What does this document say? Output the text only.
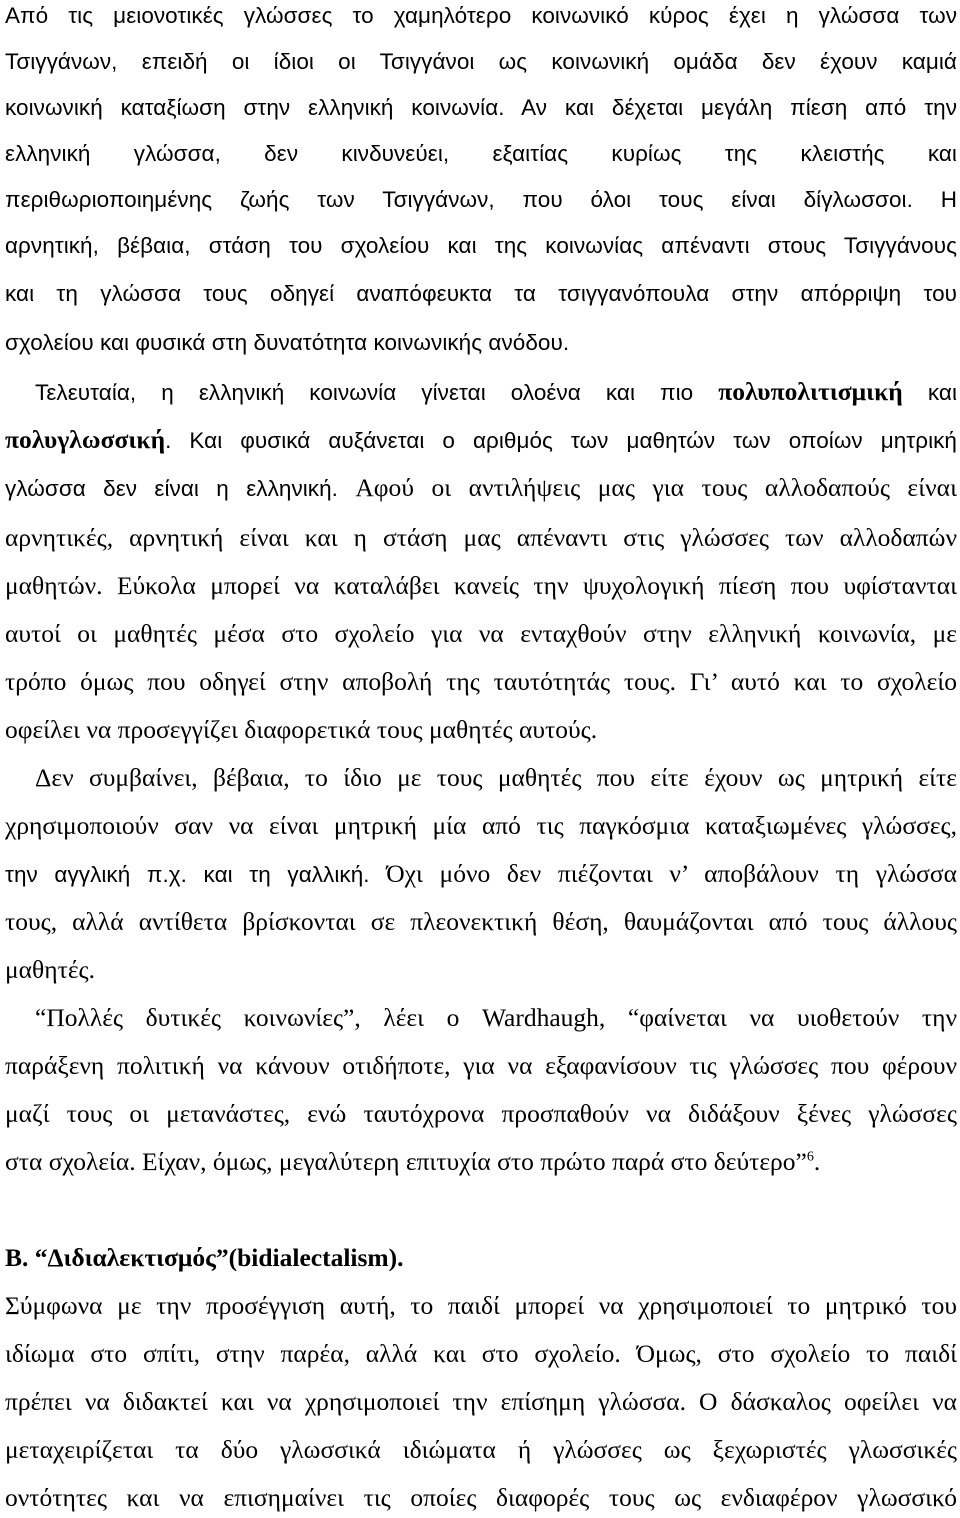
Από τις μειονοτικές γλώσσες το χαμηλότερο κοινωνικό κύρος έχει η γλώσσα των
Τσιγγάνων, επειδή οι ίδιοι οι Τσιγγάνοι ως κοινωνική ομάδα δεν έχουν καμιά
κοινωνική καταξίωση στην ελληνική κοινωνία. Αν και δέχεται μεγάλη πίεση από την
ελληνική γλώσσα, δεν κινδυνεύει, εξαιτίας κυρίως της κλειστής και
περιθωριοποιημένης ζωής των Τσιγγάνων, που όλοι τους είναι δίγλωσσοι. Η
αρνητική, βέβαια, στάση του σχολείου και της κοινωνίας απέναντι στους Τσιγγάνους
και τη γλώσσα τους οδηγεί αναπόφευκτα τα τσιγγανόπουλα στην απόρριψη του
σχολείου και φυσικά στη δυνατότητα κοινωνικής ανόδου.
Τελευταία, η ελληνική κοινωνία γίνεται ολοένα και πιο πολυπολιτισμική και
πολυγλωσσική. Και φυσικά αυξάνεται ο αριθμός των μαθητών των οποίων μητρική
γλώσσα δεν είναι η ελληνική. Αφού οι αντιλήψεις μας για τους αλλοδαπούς είναι
αρνητικές, αρνητική είναι και η στάση μας απέναντι στις γλώσσες των αλλοδαπών
μαθητών. Εύκολα μπορεί να καταλάβει κανείς την ψυχολογική πίεση που υφίστανται
αυτοί οι μαθητές μέσα στο σχολείο για να ενταχθούν στην ελληνική κοινωνία, με
τρόπο όμως που οδηγεί στην αποβολή της ταυτότητάς τους. Γι’ αυτό και το σχολείο
οφείλει να προσεγγίζει διαφορετικά τους μαθητές αυτούς.
Δεν συμβαίνει, βέβαια, το ίδιο με τους μαθητές που είτε έχουν ως μητρική είτε
χρησιμοποιούν σαν να είναι μητρική μία από τις παγκόσμια καταξιωμένες γλώσσες,
την αγγλική π.χ. και τη γαλλική. Όχι μόνο δεν πιέζονται ν’ αποβάλουν τη γλώσσα
τους, αλλά αντίθετα βρίσκονται σε πλεονεκτική θέση, θαυμάζονται από τους άλλους
μαθητές.
“Πολλές δυτικές κοινωνίες”, λέει ο Wardhaugh, “φαίνεται να υιοθετούν την
παράξενη πολιτική να κάνουν οτιδήποτε, για να εξαφανίσουν τις γλώσσες που φέρουν
μαζί τους οι μετανάστες, ενώ ταυτόχρονα προσπαθούν να διδάξουν ξένες γλώσσες
στα σχολεία. Είχαν, όμως, μεγαλύτερη επιτυχία στο πρώτο παρά στο δεύτερο”$^6$.
Β. “Διδιαλεκτισμός”(bidialectalism).
Σύμφωνα με την προσέγγιση αυτή, το παιδί μπορεί να χρησιμοποιεί το μητρικό του
ιδίωμα στο σπίτι, στην παρέα, αλλά και στο σχολείο. Όμως, στο σχολείο το παιδί
πρέπει να διδακτεί και να χρησιμοποιεί την επίσημη γλώσσα. Ο δάσκαλος οφείλει να
μεταχειρίζεται τα δύο γλωσσικά ιδιώματα ή γλώσσες ως ξεχωριστές γλωσσικές
οντότητες και να επισημαίνει τις οποίες διαφορές τους ως ενδιαφέρον γλωσσικό
